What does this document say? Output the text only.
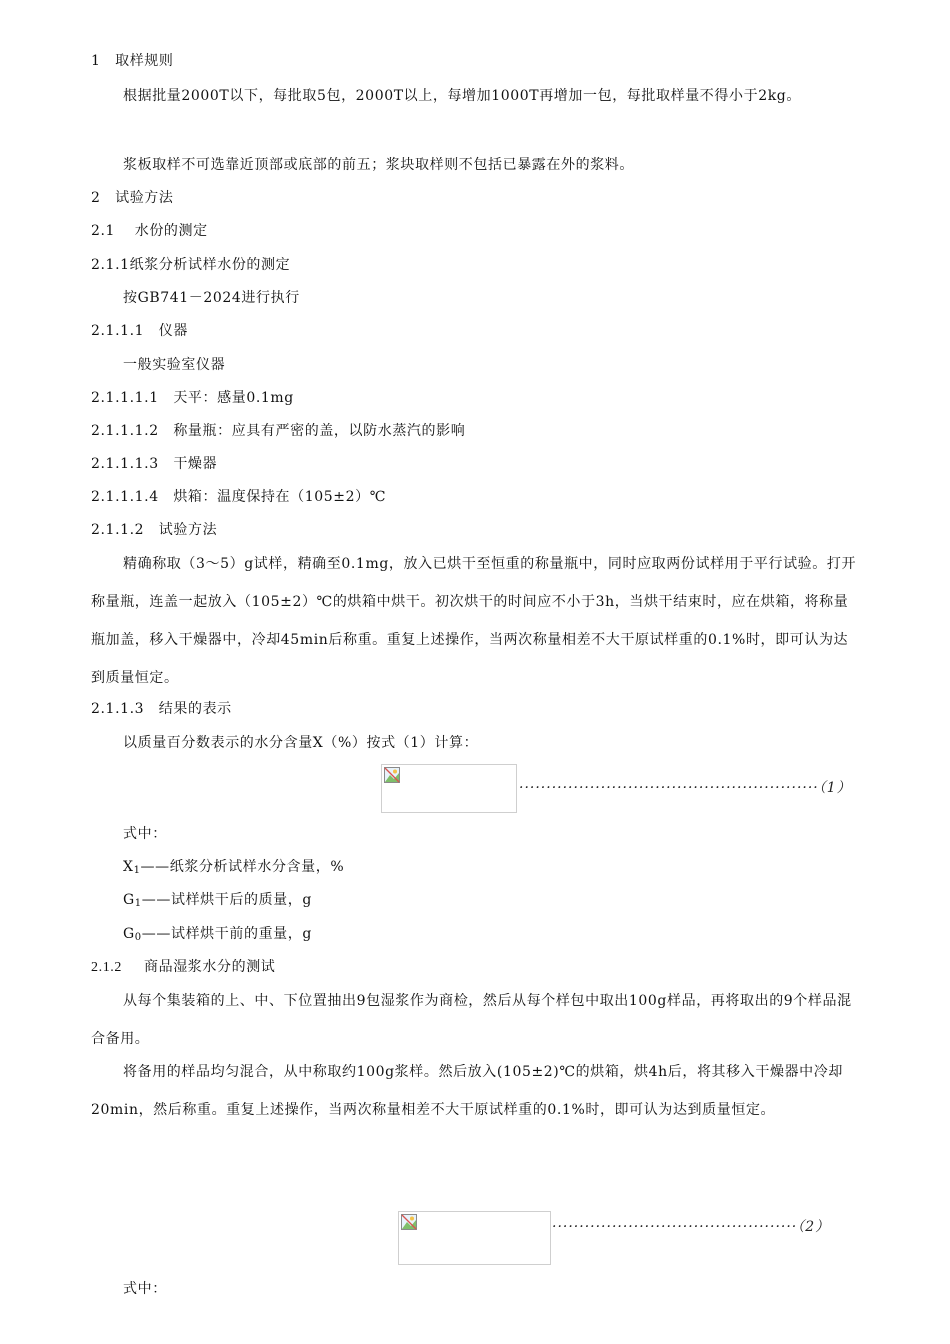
1　取样规则
根据批量2000T以下，每批取5包，2000T以上，每增加1000T再增加一包，每批取样量不得小于2kg。
浆板取样不可选靠近顶部或底部的前五；浆块取样则不包括已暴露在外的浆料。
2　试验方法
2.1　 水份的测定
2.1.1纸浆分析试样水份的测定
按GB741－2024进行执行
2.1.1.1　仪器
一般实验室仪器
2.1.1.1.1　天平：感量0.1mg
2.1.1.1.2　称量瓶：应具有严密的盖，以防水蒸汽的影响
2.1.1.1.3　干燥器
2.1.1.1.4　烘箱：温度保持在（105±2）℃
2.1.1.2　试验方法
精确称取（3～5）g试样，精确至0.1mg，放入已烘干至恒重的称量瓶中，同时应取两份试样用于平行试验。打开称量瓶，连盖一起放入（105±2）℃的烘箱中烘干。初次烘干的时间应不小于3h，当烘干结束时，应在烘箱，将称量瓶加盖，移入干燥器中，冷却45min后称重。重复上述操作，当两次称量相差不大干原试样重的0.1%时，即可认为达到质量恒定。
2.1.1.3　结果的表示
以质量百分数表示的水分含量X（%）按式（1）计算：
·······················································（1）
式中：
$X_1——$纸浆分析试样水分含量，%
$G_1——$试样烘干后的质量，g
$G_0——$试样烘干前的重量，g
2.1.2 商品湿浆水分的测试
从每个集装箱的上、中、下位置抽出9包湿浆作为商检，然后从每个样包中取出100g样品，再将取出的9个样品混合备用。
将备用的样品均匀混合，从中称取约100g浆样。然后放入(105±2)℃的烘箱，烘4h后，将其移入干燥器中冷却20min，然后称重。重复上述操作，当两次称量相差不大干原试样重的0.1%时，即可认为达到质量恒定。
·············································（2）
式中：
